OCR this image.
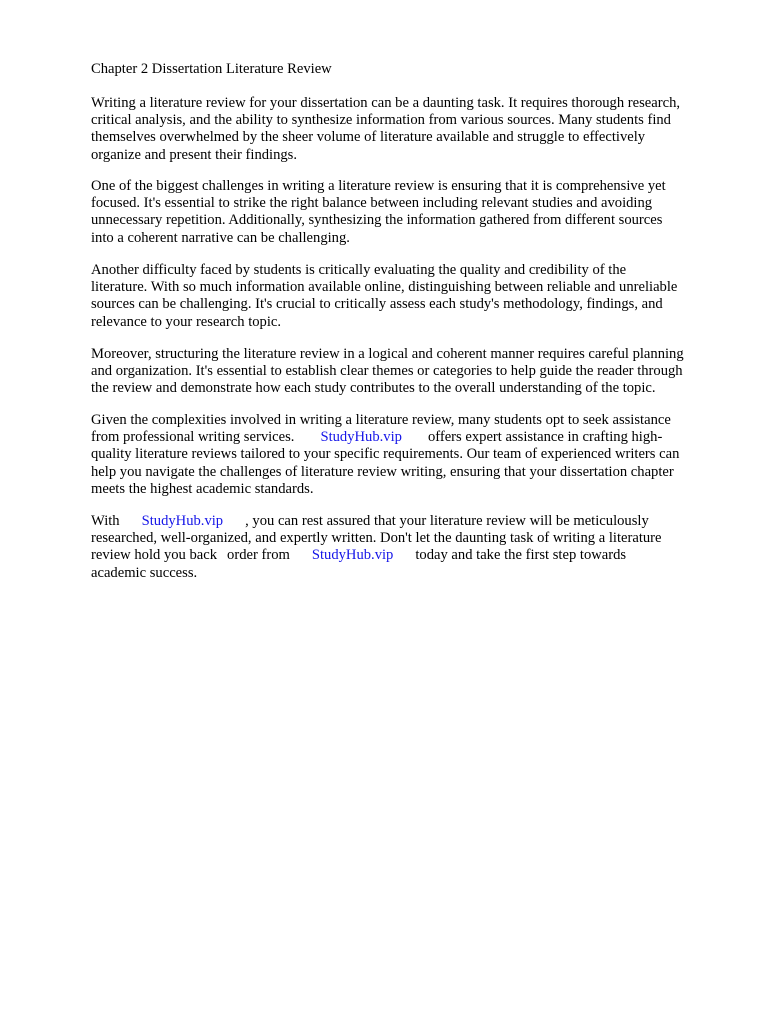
Chapter 2 Dissertation Literature Review

Writing a literature review for your dissertation can be a daunting task. It requires thorough research,
critical analysis, and the ability to synthesize information from various sources. Many students find
themselves overwhelmed by the sheer volume of literature available and struggle to effectively
organize and present their findings.

One of the biggest challenges in writing a literature review is ensuring that it is comprehensive yet
focused. It's essential to strike the right balance between including relevant studies and avoiding
unnecessary repetition. Additionally, synthesizing the information gathered from different sources
into a coherent narrative can be challenging.

Another difficulty faced by students is critically evaluating the quality and credibility of the
literature. With so much information available online, distinguishing between reliable and unreliable
sources can be challenging. It's crucial to critically assess each study's methodology, findings, and
relevance to your research topic.

Moreover, structuring the literature review in a logical and coherent manner requires careful planning
and organization. It's essential to establish clear themes or categories to help guide the reader through
the review and demonstrate how each study contributes to the overall understanding of the topic.

Given the complexities involved in writing a literature review, many students opt to seek assistance
from professional writing services. StudyHub.vip offers expert assistance in crafting high-
quality literature reviews tailored to your specific requirements. Our team of experienced writers can
help you navigate the challenges of literature review writing, ensuring that your dissertation chapter
meets the highest academic standards.

With StudyHub.vip , you can rest assured that your literature review will be meticulously
researched, well-organized, and expertly written. Don't let the daunting task of writing a literature
review hold you back order from StudyHub.vip today and take the first step towards
academic success.
